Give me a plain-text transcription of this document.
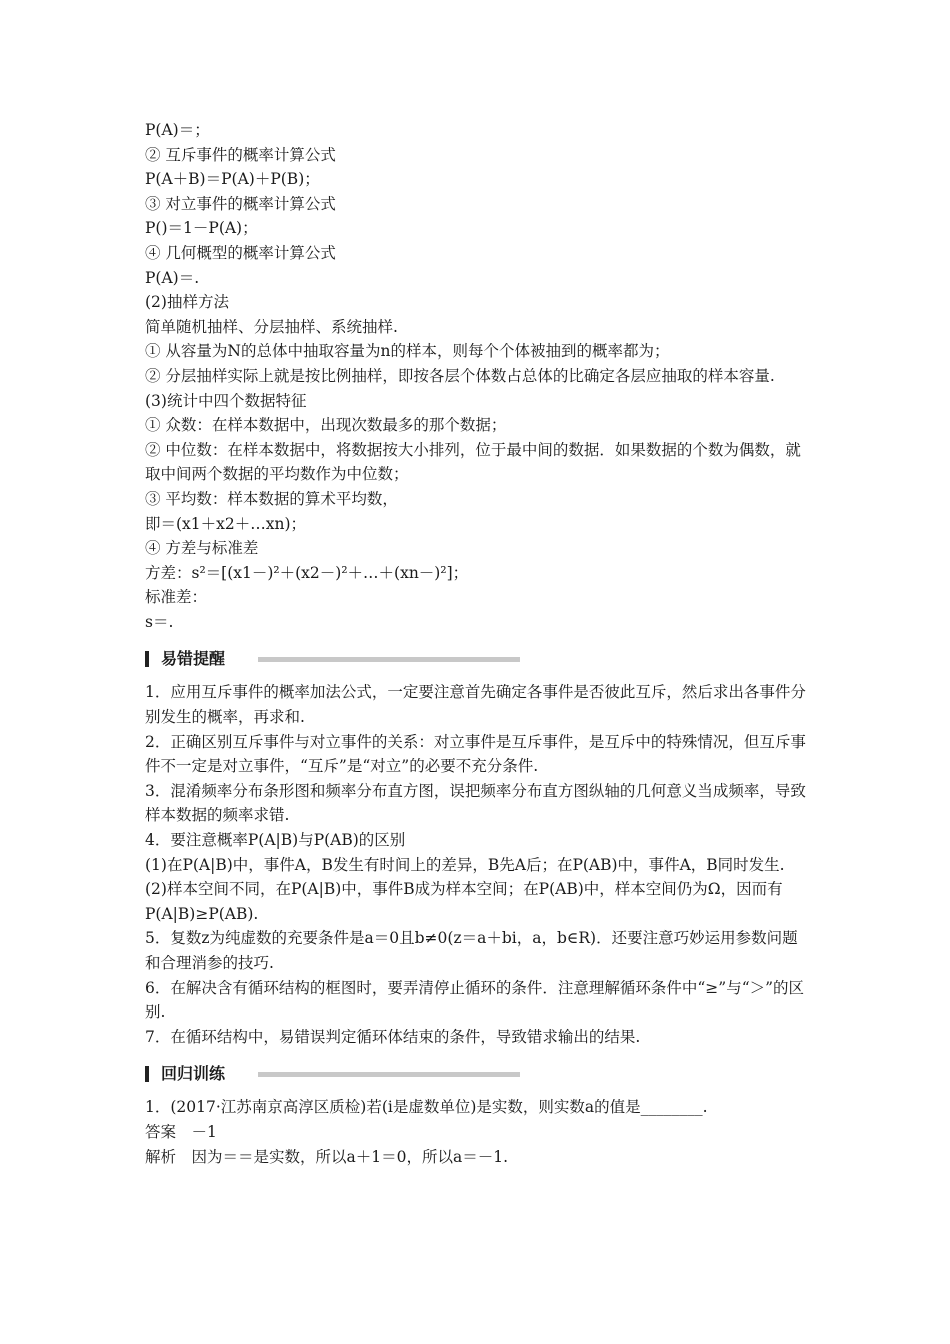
P(A)＝；
② 互斥事件的概率计算公式
P(A＋B)＝P(A)＋P(B)；
③ 对立事件的概率计算公式
P()＝1－P(A)；
④ 几何概型的概率计算公式
P(A)＝.
(2)抽样方法
简单随机抽样、分层抽样、系统抽样.
① 从容量为N的总体中抽取容量为n的样本，则每个个体被抽到的概率都为；
② 分层抽样实际上就是按比例抽样，即按各层个体数占总体的比确定各层应抽取的样本容量.
(3)统计中四个数据特征
① 众数：在样本数据中，出现次数最多的那个数据；
② 中位数：在样本数据中，将数据按大小排列，位于最中间的数据．如果数据的个数为偶数，就取中间两个数据的平均数作为中位数；
③ 平均数：样本数据的算术平均数，
即＝(x1＋x2＋…xn)；
④ 方差与标准差
方差：s²＝[(x1－)²＋(x2－)²＋…＋(xn－)²]；
标准差：
s＝.
易错提醒
1．应用互斥事件的概率加法公式，一定要注意首先确定各事件是否彼此互斥，然后求出各事件分别发生的概率，再求和.
2．正确区别互斥事件与对立事件的关系：对立事件是互斥事件，是互斥中的特殊情况，但互斥事件不一定是对立事件，“互斥”是“对立”的必要不充分条件.
3．混淆频率分布条形图和频率分布直方图，误把频率分布直方图纵轴的几何意义当成频率，导致样本数据的频率求错.
4．要注意概率P(A|B)与P(AB)的区别
(1)在P(A|B)中，事件A，B发生有时间上的差异，B先A后；在P(AB)中，事件A，B同时发生.
(2)样本空间不同，在P(A|B)中，事件B成为样本空间；在P(AB)中，样本空间仍为Ω，因而有P(A|B)≥P(AB).
5．复数z为纯虚数的充要条件是a＝0且b≠0(z＝a＋bi，a，b∈R)．还要注意巧妙运用参数问题和合理消参的技巧.
6．在解决含有循环结构的框图时，要弄清停止循环的条件．注意理解循环条件中“≥”与“＞”的区别.
7．在循环结构中，易错误判定循环体结束的条件，导致错求输出的结果.
回归训练
1．(2017·江苏南京高淳区质检)若(i是虚数单位)是实数，则实数a的值是________.
答案　－1
解析　因为＝＝是实数，所以a＋1＝0，所以a＝－1.
